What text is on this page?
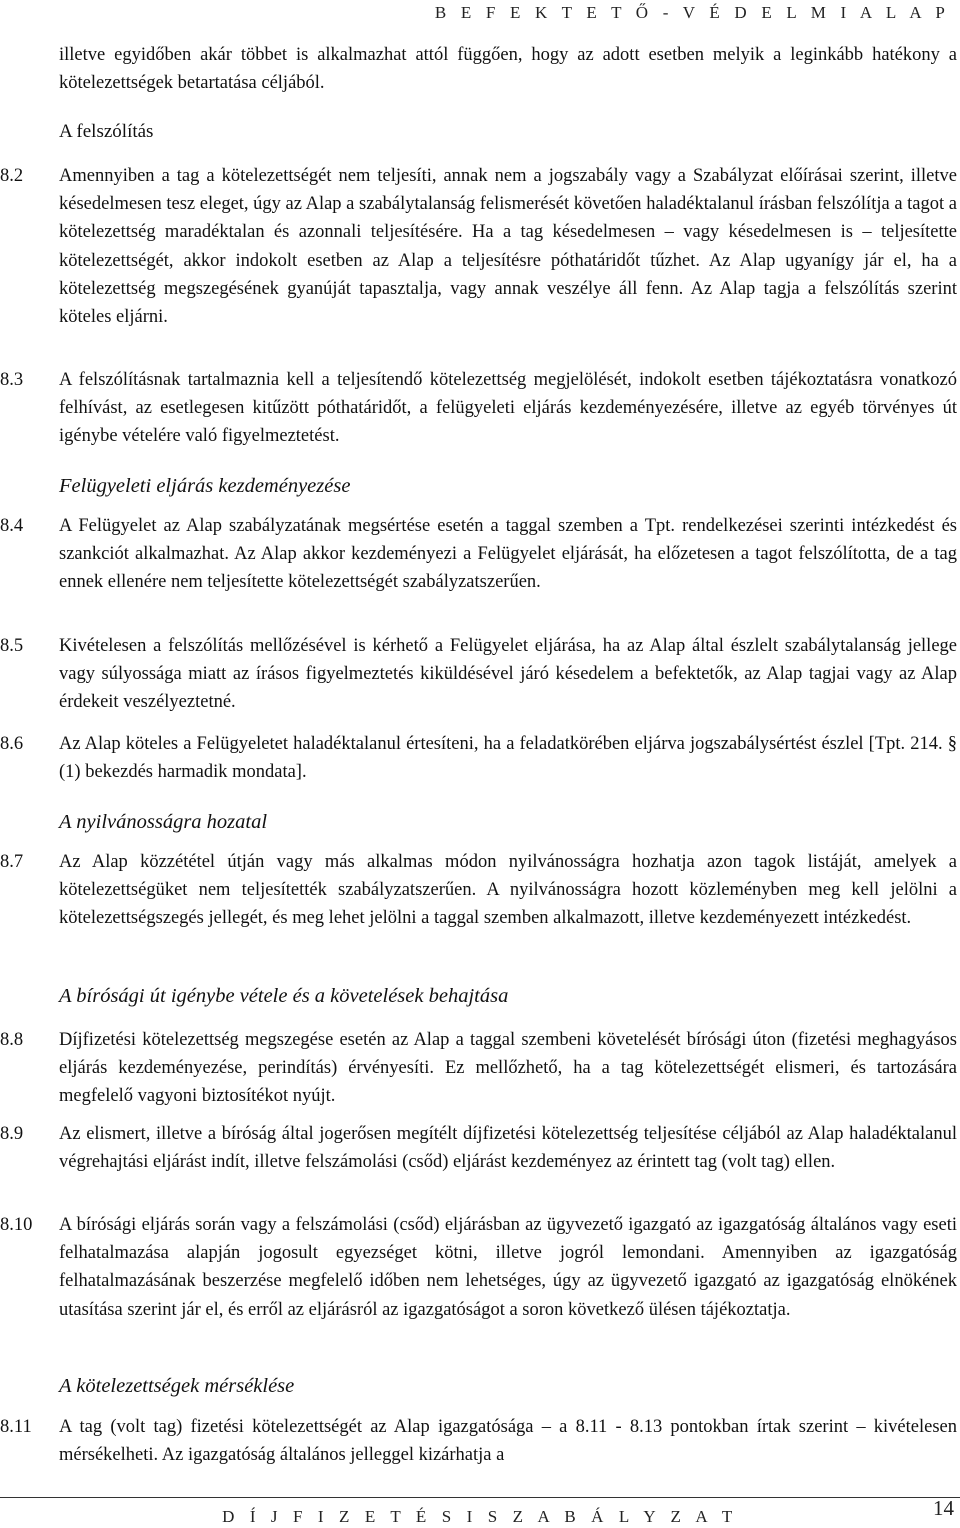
B E F E K T E T Ő - V É D E L M I A L A P
illetve egyidőben akár többet is alkalmazhat attól függően, hogy az adott esetben melyik a leginkább hatékony a kötelezettségek betartatása céljából.
A felszólítás
8.2	Amennyiben a tag a kötelezettségét nem teljesíti, annak nem a jogszabály vagy a Szabályzat előírásai szerint, illetve késedelmesen tesz eleget, úgy az Alap a szabálytalanság felismerését követően haladéktalanul írásban felszólítja a tagot a kötelezettség maradéktalan és azonnali teljesítésére. Ha a tag késedelmesen – vagy késedelmesen is – teljesítette kötelezettségét, akkor indokolt esetben az Alap a teljesítésre póthatáridőt tűzhet. Az Alap ugyanígy jár el, ha a kötelezettség megszegésének gyanúját tapasztalja, vagy annak veszélye áll fenn. Az Alap tagja a felszólítás szerint köteles eljárni.
8.3	A felszólításnak tartalmaznia kell a teljesítendő kötelezettség megjelölését, indokolt esetben tájékoztatásra vonatkozó felhívást, az esetlegesen kitűzött póthatáridőt, a felügyeleti eljárás kezdeményezésére, illetve az egyéb törvényes út igénybe vételére való figyelmeztetést.
Felügyeleti eljárás kezdeményezése
8.4	A Felügyelet az Alap szabályzatának megsértése esetén a taggal szemben a Tpt. rendelkezései szerinti intézkedést és szankciót alkalmazhat. Az Alap akkor kezdeményezi a Felügyelet eljárását, ha előzetesen a tagot felszólította, de a tag ennek ellenére nem teljesítette kötelezettségét szabályzatszerűen.
8.5	Kivételesen a felszólítás mellőzésével is kérhető a Felügyelet eljárása, ha az Alap által észlelt szabálytalanság jellege vagy súlyossága miatt az írásos figyelmeztetés kiküldésével járó késedelem a befektetők, az Alap tagjai vagy az Alap érdekeit veszélyeztetné.
8.6	Az Alap köteles a Felügyeletet haladéktalanul értesíteni, ha a feladatkörében eljárva jogszabálysértést észlel [Tpt. 214. § (1) bekezdés harmadik mondata].
A nyilvánosságra hozatal
8.7	Az Alap közzététel útján vagy más alkalmas módon nyilvánosságra hozhatja azon tagok listáját, amelyek a kötelezettségüket nem teljesítették szabályzatszerűen. A nyilvánosságra hozott közleményben meg kell jelölni a kötelezettségszegés jellegét, és meg lehet jelölni a taggal szemben alkalmazott, illetve kezdeményezett intézkedést.
A bírósági út igénybe vétele és a követelések behajtása
8.8	Díjfizetési kötelezettség megszegése esetén az Alap a taggal szembeni követelését bírósági úton (fizetési meghagyásos eljárás kezdeményezése, perindítás) érvényesíti. Ez mellőzhető, ha a tag kötelezettségét elismeri, és tartozására megfelelő vagyoni biztosítékot nyújt.
8.9	Az elismert, illetve a bíróság által jogerősen megítélt díjfizetési kötelezettség teljesítése céljából az Alap haladéktalanul végrehajtási eljárást indít, illetve felszámolási (csőd) eljárást kezdeményez az érintett tag (volt tag) ellen.
8.10	A bírósági eljárás során vagy a felszámolási (csőd) eljárásban az ügyvezető igazgató az igazgatóság általános vagy eseti felhatalmazása alapján jogosult egyezséget kötni, illetve jogról lemondani. Amennyiben az igazgatóság felhatalmazásának beszerzése megfelelő időben nem lehetséges, úgy az ügyvezető igazgató az igazgatóság elnökének utasítása szerint jár el, és erről az eljárásról az igazgatóságot a soron következő ülésen tájékoztatja.
A kötelezettségek mérséklése
8.11	A tag (volt tag) fizetési kötelezettségét az Alap igazgatósága – a 8.11 - 8.13 pontokban írtak szerint – kivételesen mérsékelheti. Az igazgatóság általános jelleggel kizárhatja a
D Í J F I Z E T É S I S Z A B Á L Y Z A T	14
